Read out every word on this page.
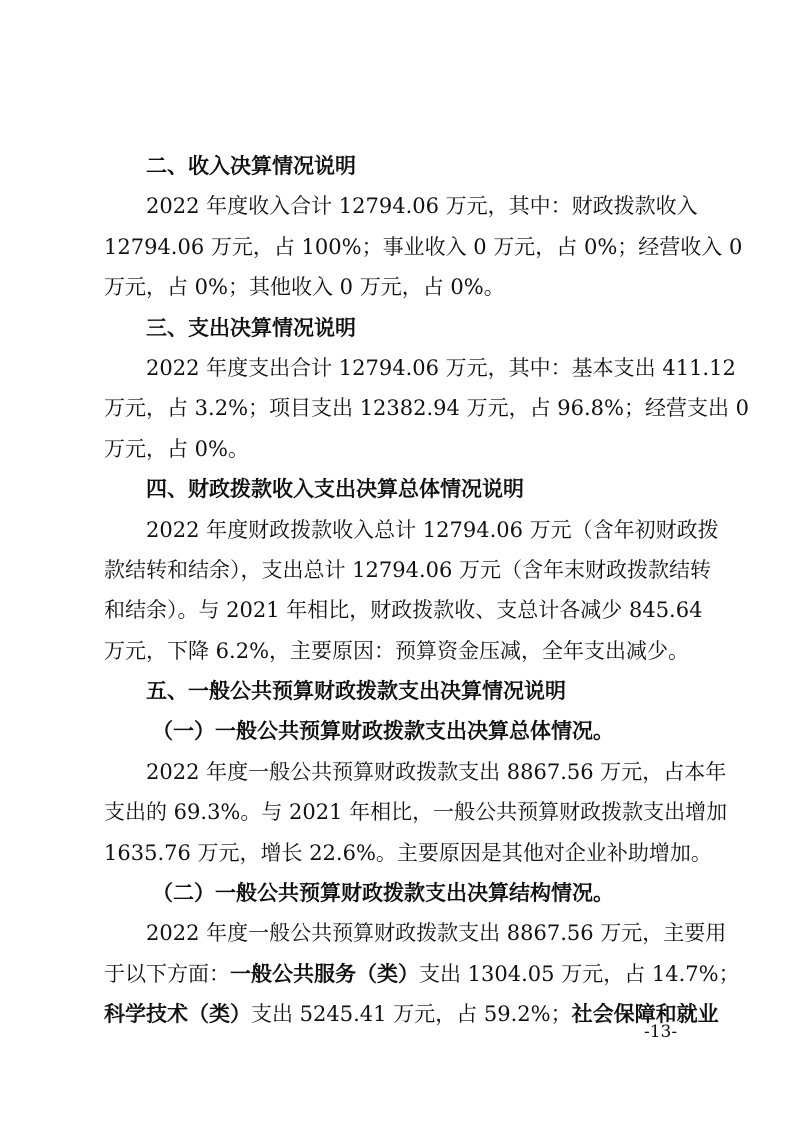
二、收入决算情况说明
2022 年度收入合计 12794.06 万元，其中：财政拨款收入
12794.06 万元，占 100%；事业收入 0 万元，占 0%；经营收入 0
万元，占 0%；其他收入 0 万元，占 0%。
三、支出决算情况说明
2022 年度支出合计 12794.06 万元，其中：基本支出 411.12
万元，占 3.2%；项目支出 12382.94 万元，占 96.8%；经营支出 0
万元，占 0%。
四、财政拨款收入支出决算总体情况说明
2022 年度财政拨款收入总计 12794.06 万元（含年初财政拨
款结转和结余），支出总计 12794.06 万元（含年末财政拨款结转
和结余）。与 2021 年相比，财政拨款收、支总计各减少 845.64
万元，下降 6.2%，主要原因：预算资金压减，全年支出减少。
五、一般公共预算财政拨款支出决算情况说明
（一）一般公共预算财政拨款支出决算总体情况。
2022 年度一般公共预算财政拨款支出 8867.56 万元，占本年
支出的 69.3%。与 2021 年相比，一般公共预算财政拨款支出增加
1635.76 万元，增长 22.6%。主要原因是其他对企业补助增加。
（二）一般公共预算财政拨款支出决算结构情况。
2022 年度一般公共预算财政拨款支出 8867.56 万元，主要用
于以下方面：一般公共服务（类）支出 1304.05 万元，占 14.7%；
科学技术（类）支出 5245.41 万元，占 59.2%；社会保障和就业
-13-
